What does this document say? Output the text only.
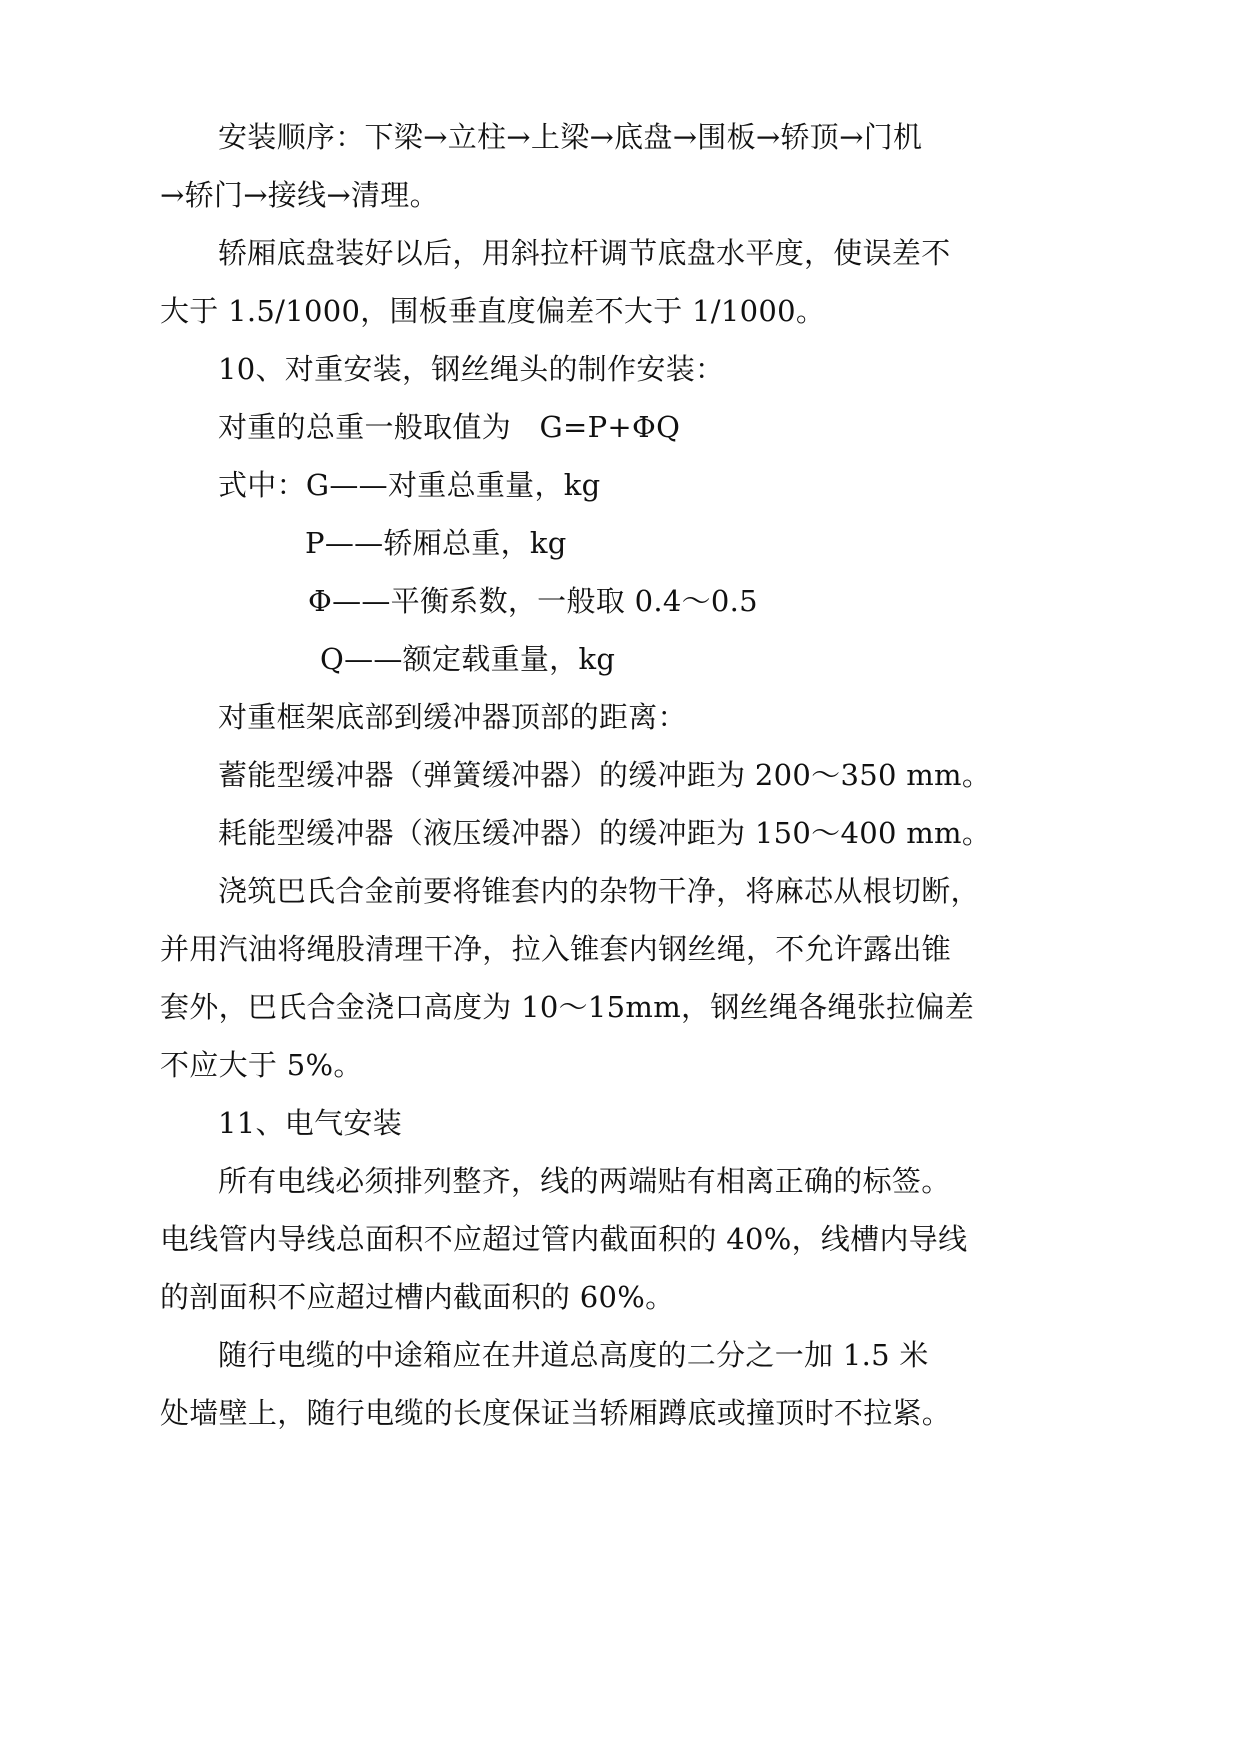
安装顺序：下梁→立柱→上梁→底盘→围板→轿顶→门机
→轿门→接线→清理。
轿厢底盘装好以后，用斜拉杆调节底盘水平度，使误差不
大于 1.5/1000，围板垂直度偏差不大于 1/1000。
10、对重安装，钢丝绳头的制作安装：
对重的总重一般取值为   G=P+ΦQ
式中：G——对重总重量，kg
P——轿厢总重，kg
Φ——平衡系数，一般取 0.4～0.5
Q——额定载重量，kg
对重框架底部到缓冲器顶部的距离：
蓄能型缓冲器（弹簧缓冲器）的缓冲距为 200～350 mm。
耗能型缓冲器（液压缓冲器）的缓冲距为 150～400 mm。
浇筑巴氏合金前要将锥套内的杂物干净，将麻芯从根切断，
并用汽油将绳股清理干净，拉入锥套内钢丝绳，不允许露出锥
套外，巴氏合金浇口高度为 10～15mm，钢丝绳各绳张拉偏差
不应大于 5%。
11、电气安装
所有电线必须排列整齐，线的两端贴有相离正确的标签。
电线管内导线总面积不应超过管内截面积的 40%，线槽内导线
的剖面积不应超过槽内截面积的 60%。
随行电缆的中途箱应在井道总高度的二分之一加 1.5 米
处墙壁上，随行电缆的长度保证当轿厢蹲底或撞顶时不拉紧。
